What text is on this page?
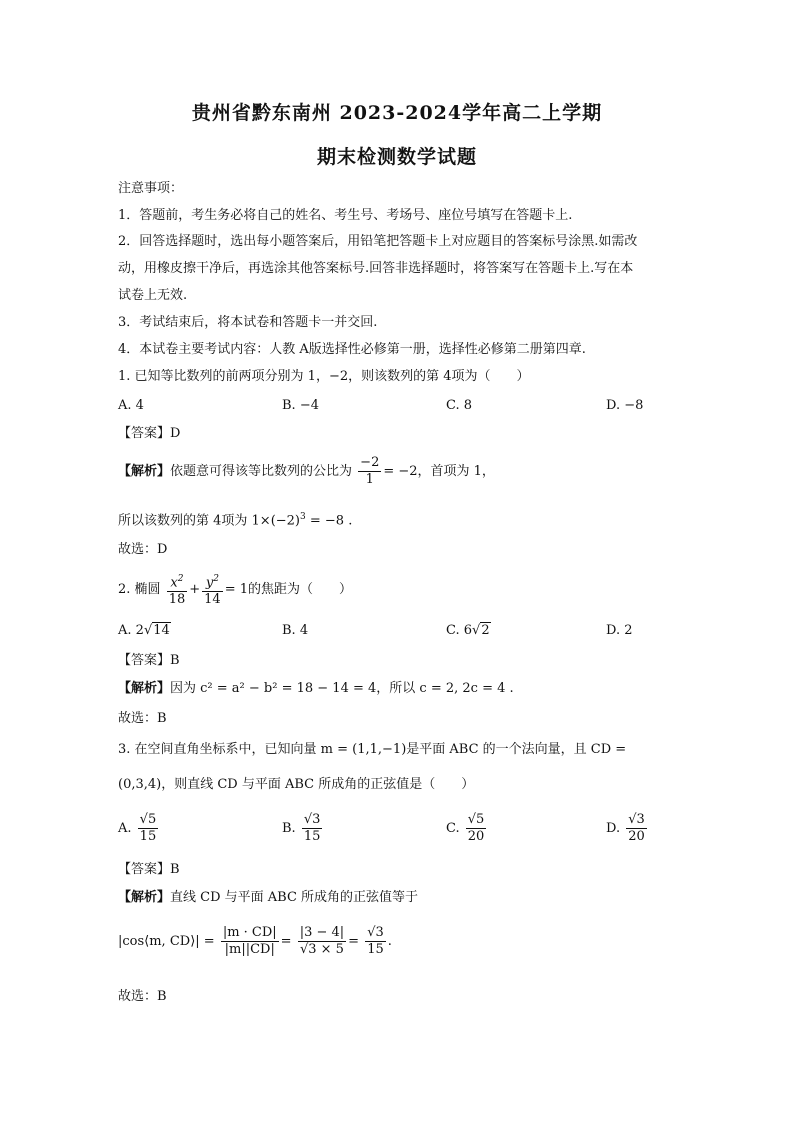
贵州省黔东南州 2023-2024学年高二上学期
期末检测数学试题
注意事项：
1．答题前，考生务必将自己的姓名、考生号、考场号、座位号填写在答题卡上.
2．回答选择题时，选出每小题答案后，用铅笔把答题卡上对应题目的答案标号涂黑.如需改
动，用橡皮擦干净后，再选涂其他答案标号.回答非选择题时，将答案写在答题卡上.写在本
试卷上无效.
3．考试结束后，将本试卷和答题卡一并交回.
4．本试卷主要考试内容：人教 A版选择性必修第一册，选择性必修第二册第四章.
1. 已知等比数列的前两项分别为 1，−2，则该数列的第 4项为（　　）
A. 4	B. −4	C. 8	D. −8
【答案】D
【解析】依题意可得该等比数列的公比为 $\frac{-2}{1} = -2$，首项为 1，
所以该数列的第 4项为 $1\times(-2)^3 = -8$ .
故选：D
2. 椭圆 $\frac{x^2}{18} + \frac{y^2}{14} = 1$的焦距为（　　）
A. 2√14	B. 4	C. 6√2	D. 2
【答案】B
【解析】因为 c² = a² − b² = 18 − 14 = 4，所以 c = 2, 2c = 4 .
故选：B
3. 在空间直角坐标系中，已知向量 m = (1,1,−1)是平面 ABC 的一个法向量，且 CD =
(0,3,4)，则直线 CD 与平面 ABC 所成角的正弦值是（　　）
A. $\frac{√5}{15}$	B. $\frac{√3}{15}$	C. $\frac{√5}{20}$	D. $\frac{√3}{20}$
【答案】B
【解析】直线 CD 与平面 ABC 所成角的正弦值等于
|cos⟨m, CD⟩| = $\frac{|m \cdot CD|}{|m||CD|} = \frac{|3 - 4|}{√3 \times 5} = \frac{√3}{15}$ .
故选：B
